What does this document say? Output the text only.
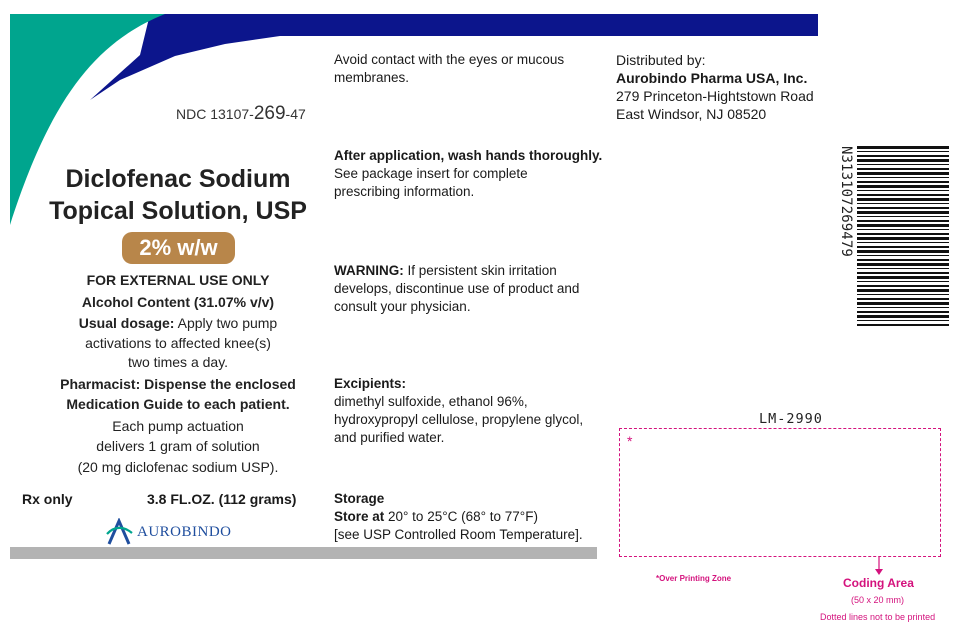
NDC 13107-269-47
Diclofenac Sodium
Topical Solution, USP
2% w/w

FOR EXTERNAL USE ONLY

Alcohol Content (31.07% v/v)

Usual dosage: Apply two pump

activations to affected knee(s)

two times a day.

Pharmacist: Dispense the enclosed

Medication Guide to each patient.

Each pump actuation

delivers 1 gram of solution

(20 mg diclofenac sodium USP).

Rx only	3.8 FL.OZ. (112 grams)
AUROBINDO

Avoid contact with the eyes or mucous

membranes.

After application, wash hands thoroughly.

See package insert for complete

prescribing information.

WARNING: If persistent skin irritation

develops, discontinue use of product and

consult your physician.

Excipients:

dimethyl sulfoxide, ethanol 96%,

hydroxypropyl cellulose, propylene glycol,

and purified water.

Storage

Store at 20° to 25°C (68° to 77°F)

[see USP Controlled Room Temperature].

Distributed by:

Aurobindo Pharma USA, Inc.

279 Princeton-Hightstown Road

East Windsor, NJ 08520

N313107269479
LM-2990
*
*Over Printing Zone	Coding Area
(50 x 20 mm)
Dotted lines not to be printed
